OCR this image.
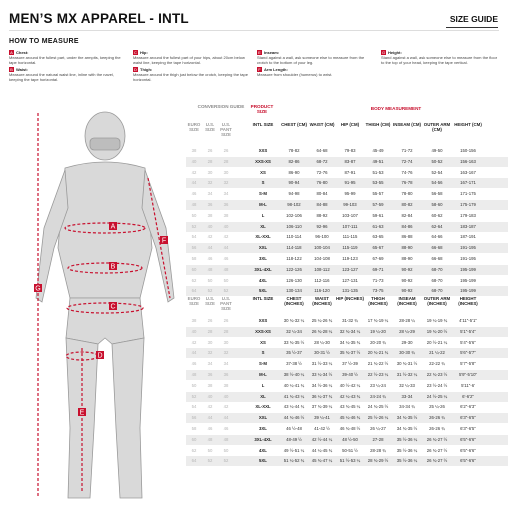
MEN’S MX APPAREL - INTL	SIZE GUIDE
HOW TO MEASURE
A Chest:
Measure around the fullest part, under the armpits, keeping the tape horizontal.
B Waist:
Measure around the natural waist line, inline with the navel, keeping the tape horizontal.
C Hip:
Measure around the fullest part of your hips, about 20cm below waist line, keeping the tape horizontal.
D Thigh:
Measure around the thigh just below the crotch, keeping the tape horizontal.
E Inseam:
Stand against a wall, ask someone else to measure from the crotch to the bottom of your leg.
F Arm Length:
Measure from shoulder (humerus) to wrist.
G Height:
Stand against a wall, ask someone else to measure from the floor to the top of your head, keeping the tape vertical.
A
B
C
D
E
F
G
CONVERSION GUIDE	PRODUCT SIZE
BODY MEASUREMENT
EURO SIZE
U.S. SIZE
U.S. PANT SIZE
INTL SIZE	CHEST (CM) WAIST (CM)	HIP (CM)	THIGH (CM) INSEAM (CM) OUTER ARM (CM)
HEIGHT (CM)
38	26	26	XXS	78-82	64-68	79-83	45-49	71-72	49-50	150-156
40	28	28	XXS-XS	82-86	68-72	83-87	49-51	72-74	50-52	156-163
42	30	30	XS	86-90	72-76	87-91	51-53	74-76	52-54	163-167
44	32	32	S	90-94	76-80	91-95	53-55	76-78	54-56	167-171
46	34	34	S-M	94-98	80-84	95-99	55-57	78-80	56-58	171-175
48	36	36	M-L	98-102	84-88	99-103	57-59	80-82	58-60	175-179
50	38	38	L	102-106	88-92	103-107	59-61	82-84	60-62	179-183
52	40	40	XL	106-110	92-96	107-111	61-63	84-86	62-64	183-187
54	42	42	XL-XXL	110-114	96-100	111-115	63-65	86-88	64-66	187-191
56	44	44	XXL	114-118	100-104	115-119	65-67	88-90	66-68	191-195
58	46	46	3XL	118-122	104-108	119-123	67-69	88-90	66-68	191-195
60	48	48	3XL-4XL	122-126	108-112	123-127	69-71	90-92	68-70	195-199
62	50	50	4XL	126-130	112-116	127-131	71-73	90-92	68-70	195-199
64	52	52	5XL	130-134	116-120	131-135	73-75	90-92	68-70	195-199
EURO SIZE
U.S. SIZE
U.S. PANT SIZE
INTL SIZE	CHEST (INCHES)
WAIST (INCHES)
HIP (INCHES)	THIGH (INCHES)
INSEAM (INCHES)
OUTER ARM (INCHES)
HEIGHT (INCHES)
38	26	26	XXS	30 ¾-32 ¼	25 ¼-26 ¾	31-32 ¾	17 ¾-19 ¼	28-28 ¼	19 ¼-19 ¾	4'11"-5'1"
40	28	28	XXS-XS	32 ¼-34	26 ¾-28 ¼	32 ¾-34 ¼	19 ¼-20	28 ¼-29	19 ¾-20 ½	5'1"-5'4"
42	30	30	XS	33 ¾-35 ½	28 ¼-30	34 ¼-35 ¾	20-20 ¾	29-30	20 ½-21 ¼	5'4"-5'6"
44	32	32	S	35 ½-37	30-31 ½	35 ¾-37 ½	20 ¾-21 ¾	30-30 ¾	21 ¼-22	5'6"-5'7"
46	34	34	S-M	37-38 ½	31 ½-33 ¼	37 ½-39	21 ¾-22 ½	30 ¾-31 ½	22-22 ¾	5'7"-5'8"
48	36	36	M-L	38 ½-40 ¼	33 ¼-34 ½	39-40 ½	22 ½-23 ¼	31 ½-32 ¼	22 ¾-23 ½	5'9"-5'10"
50	38	38	L	40 ¼-41 ¾	34 ½-36 ¼	40 ½-42 ¼	23 ¼-24	32 ¼-33	23 ½-24 ½	5'11"-6'
52	40	40	XL	41 ¾-43 ¼	36 ¼-37 ¾	42 ¼-43 ¾	24-24 ¾	33-34	24 ½-25 ¼	6'-6'2"
54	42	42	XL-XXL	43 ¼-44 ¾	37 ¾-39 ¼	43 ¾-45 ¼	24 ¾-25 ½	34-34 ¾	25 ¼-26	6'2"-6'3"
56	44	44	XXL	44 ¾-46 ½	39 ¼-41	45 ¼-46 ¾	25 ½-26 ¼	34 ¾-35 ½	26-26 ¾	6'3"-6'5"
58	46	46	3XL	46 ½-48	41-42 ½	46 ¾-48 ½	26 ¼-27	34 ¾-35 ½	26-26 ¾	6'3"-6'5"
60	48	48	3XL-4XL	48-49 ½	42 ½-44 ¼	48 ½-50	27-28	35 ½-36 ¼	26 ¾-27 ½	6'5"-6'6"
62	50	50	4XL	49 ½-51 ¼	44 ¼-45 ¾	50-51 ½	28-28 ¾	35 ½-36 ¼	26 ¾-27 ½	6'5"-6'6"
64	52	52	5XL	51 ¼-52 ¾	45 ¾-47 ¼	51 ½-53 ¼	28 ¾-29 ½	35 ½-36 ¼	26 ¾-27 ½	6'5"-6'6"
